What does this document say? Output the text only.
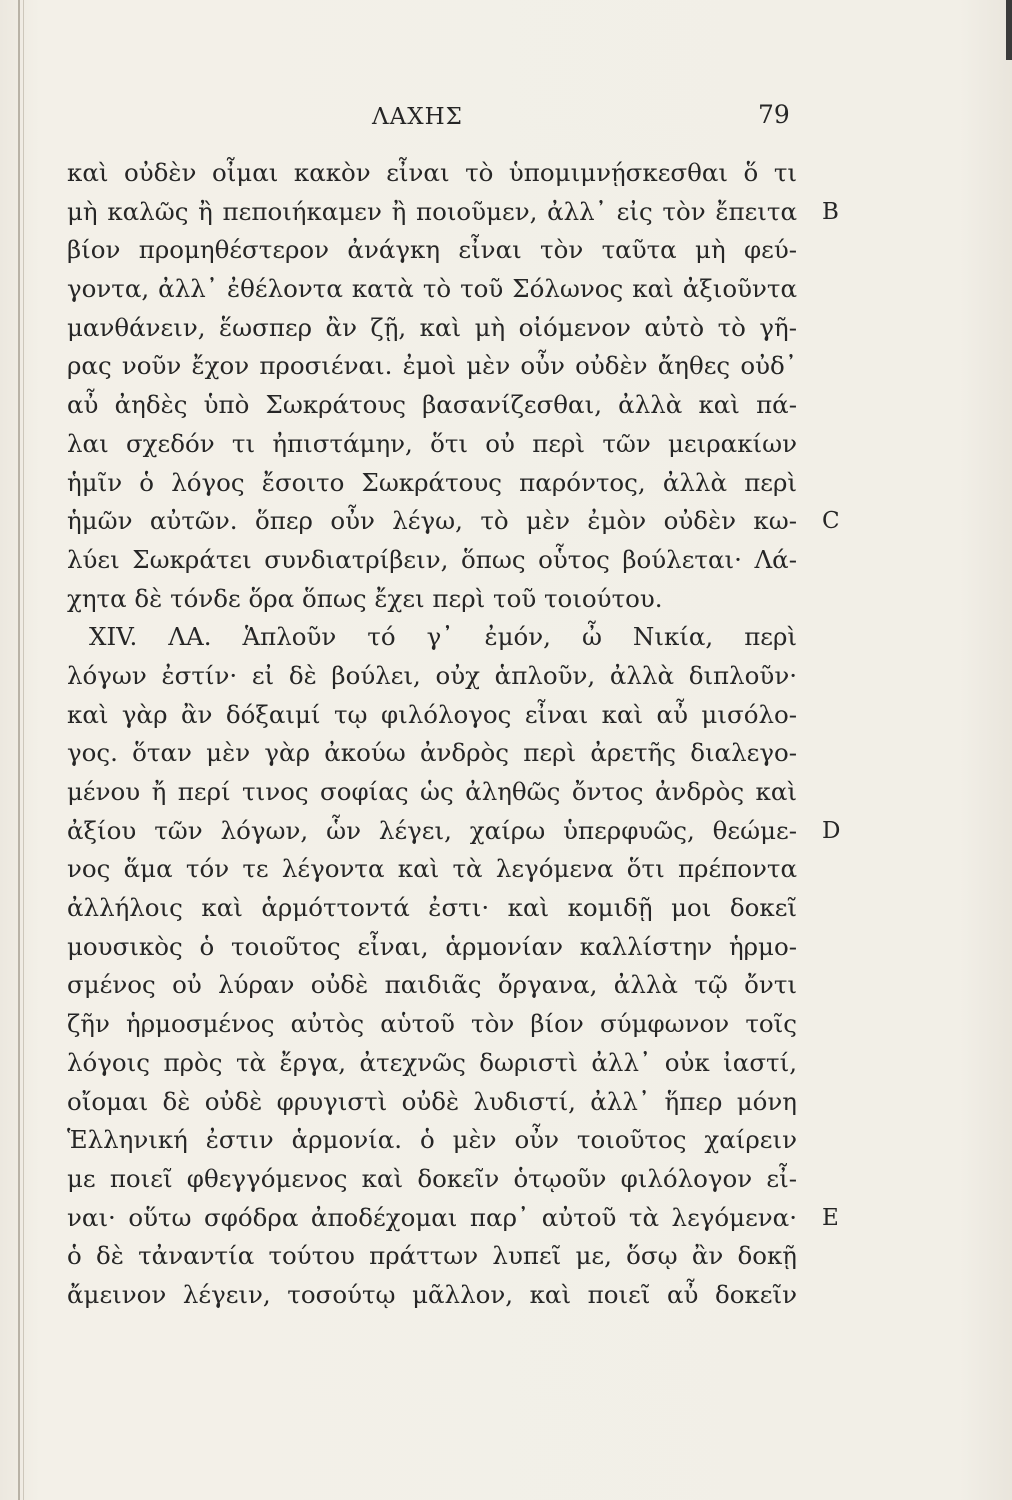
ΛΑΧΗΣ	79
καὶ οὐδὲν οἶμαι κακὸν εἶναι τὸ ὑπομιμνῄσκεσθαι ὅ τι
μὴ καλῶς ἢ πεποιήκαμεν ἢ ποιοῦμεν, ἀλλ᾽ εἰς τὸν ἔπειτα B
βίον προμηθέστερον ἀνάγκη εἶναι τὸν ταῦτα μὴ φεύ-
γοντα, ἀλλ᾽ ἐθέλοντα κατὰ τὸ τοῦ Σόλωνος καὶ ἀξιοῦντα
μανθάνειν, ἕωσπερ ἂν ζῇ, καὶ μὴ οἰόμενον αὐτὸ τὸ γῆ-
ρας νοῦν ἔχον προσιέναι. ἐμοὶ μὲν οὖν οὐδὲν ἄηθες οὐδ᾽
αὖ ἀηδὲς ὑπὸ Σωκράτους βασανίζεσθαι, ἀλλὰ καὶ πά-
λαι σχεδόν τι ἠπιστάμην, ὅτι οὐ περὶ τῶν μειρακίων
ἡμῖν ὁ λόγος ἔσοιτο Σωκράτους παρόντος, ἀλλὰ περὶ
ἡμῶν αὐτῶν. ὅπερ οὖν λέγω, τὸ μὲν ἐμὸν οὐδὲν κω- C
λύει Σωκράτει συνδιατρίβειν, ὅπως οὗτος βούλεται· Λά-
χητα δὲ τόνδε ὅρα ὅπως ἔχει περὶ τοῦ τοιούτου.
XIV. ΛΑ. Ἁπλοῦν τό γ᾽ ἐμόν, ὦ Νικία, περὶ
λόγων ἐστίν· εἰ δὲ βούλει, οὐχ ἁπλοῦν, ἀλλὰ διπλοῦν·
καὶ γὰρ ἂν δόξαιμί τῳ φιλόλογος εἶναι καὶ αὖ μισόλο-
γος. ὅταν μὲν γὰρ ἀκούω ἀνδρὸς περὶ ἀρετῆς διαλεγο-
μένου ἤ περί τινος σοφίας ὡς ἀληθῶς ὄντος ἀνδρὸς καὶ
ἀξίου τῶν λόγων, ὧν λέγει, χαίρω ὑπερφυῶς, θεώμε- D
νος ἅμα τόν τε λέγοντα καὶ τὰ λεγόμενα ὅτι πρέποντα
ἀλλήλοις καὶ ἁρμόττοντά ἐστι· καὶ κομιδῇ μοι δοκεῖ
μουσικὸς ὁ τοιοῦτος εἶναι, ἁρμονίαν καλλίστην ἡρμο-
σμένος οὐ λύραν οὐδὲ παιδιᾶς ὄργανα, ἀλλὰ τῷ ὄντι
ζῆν ἡρμοσμένος αὐτὸς αὑτοῦ τὸν βίον σύμφωνον τοῖς
λόγοις πρὸς τὰ ἔργα, ἀτεχνῶς δωριστὶ ἀλλ᾽ οὐκ ἰαστί,
οἴομαι δὲ οὐδὲ φρυγιστὶ οὐδὲ λυδιστί, ἀλλ᾽ ἥπερ μόνη
Ἑλληνική ἐστιν ἁρμονία. ὁ μὲν οὖν τοιοῦτος χαίρειν
με ποιεῖ φθεγγόμενος καὶ δοκεῖν ὁτῳοῦν φιλόλογον εἶ-
ναι· οὕτω σφόδρα ἀποδέχομαι παρ᾽ αὐτοῦ τὰ λεγόμενα· E
ὁ δὲ τἀναντία τούτου πράττων λυπεῖ με, ὅσῳ ἂν δοκῇ
ἄμεινον λέγειν, τοσούτῳ μᾶλλον, καὶ ποιεῖ αὖ δοκεῖν
